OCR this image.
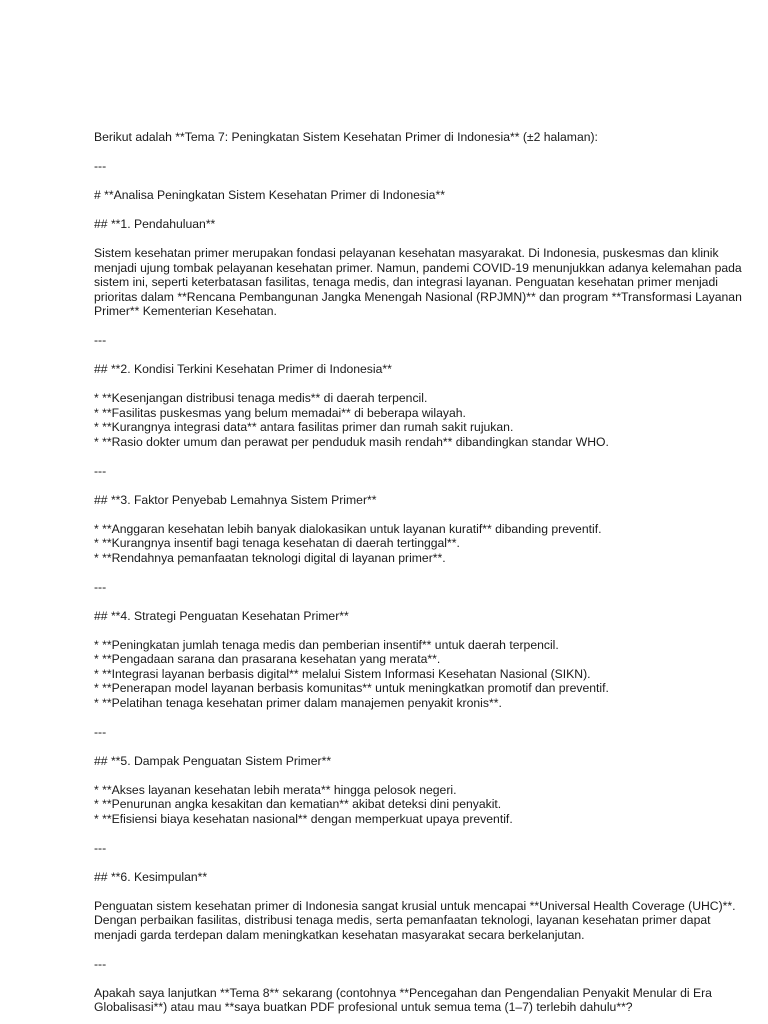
Berikut adalah **Tema 7: Peningkatan Sistem Kesehatan Primer di Indonesia** (±2 halaman):
---
# **Analisa Peningkatan Sistem Kesehatan Primer di Indonesia**
## **1. Pendahuluan**
Sistem kesehatan primer merupakan fondasi pelayanan kesehatan masyarakat. Di Indonesia, puskesmas dan klinik
menjadi ujung tombak pelayanan kesehatan primer. Namun, pandemi COVID-19 menunjukkan adanya kelemahan pada
sistem ini, seperti keterbatasan fasilitas, tenaga medis, dan integrasi layanan. Penguatan kesehatan primer menjadi
prioritas dalam **Rencana Pembangunan Jangka Menengah Nasional (RPJMN)** dan program **Transformasi Layanan
Primer** Kementerian Kesehatan.
---
## **2. Kondisi Terkini Kesehatan Primer di Indonesia**
* **Kesenjangan distribusi tenaga medis** di daerah terpencil.
* **Fasilitas puskesmas yang belum memadai** di beberapa wilayah.
* **Kurangnya integrasi data** antara fasilitas primer dan rumah sakit rujukan.
* **Rasio dokter umum dan perawat per penduduk masih rendah** dibandingkan standar WHO.
---
## **3. Faktor Penyebab Lemahnya Sistem Primer**
* **Anggaran kesehatan lebih banyak dialokasikan untuk layanan kuratif** dibanding preventif.
* **Kurangnya insentif bagi tenaga kesehatan di daerah tertinggal**.
* **Rendahnya pemanfaatan teknologi digital di layanan primer**.
---
## **4. Strategi Penguatan Kesehatan Primer**
* **Peningkatan jumlah tenaga medis dan pemberian insentif** untuk daerah terpencil.
* **Pengadaan sarana dan prasarana kesehatan yang merata**.
* **Integrasi layanan berbasis digital** melalui Sistem Informasi Kesehatan Nasional (SIKN).
* **Penerapan model layanan berbasis komunitas** untuk meningkatkan promotif dan preventif.
* **Pelatihan tenaga kesehatan primer dalam manajemen penyakit kronis**.
---
## **5. Dampak Penguatan Sistem Primer**
* **Akses layanan kesehatan lebih merata** hingga pelosok negeri.
* **Penurunan angka kesakitan dan kematian** akibat deteksi dini penyakit.
* **Efisiensi biaya kesehatan nasional** dengan memperkuat upaya preventif.
---
## **6. Kesimpulan**
Penguatan sistem kesehatan primer di Indonesia sangat krusial untuk mencapai **Universal Health Coverage (UHC)**.
Dengan perbaikan fasilitas, distribusi tenaga medis, serta pemanfaatan teknologi, layanan kesehatan primer dapat
menjadi garda terdepan dalam meningkatkan kesehatan masyarakat secara berkelanjutan.
---
Apakah saya lanjutkan **Tema 8** sekarang (contohnya **Pencegahan dan Pengendalian Penyakit Menular di Era
Globalisasi**) atau mau **saya buatkan PDF profesional untuk semua tema (1–7) terlebih dahulu**?
